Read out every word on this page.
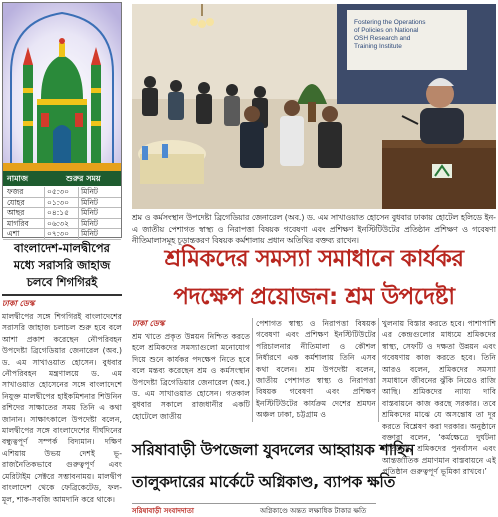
নামাজ	শুরুর সময়
ফজর	০৫:৩০	মিনিট
যোহর	০১:৩০	মিনিট
আছর	০৪:১৫	মিনিট
মাগরিব	০৬:৩২	মিনিট
এশা	০৭:৩০	মিনিট
Fostering the Operations of Policies on National OSH Research and Training Institute
শ্রম ও কর্মসংস্থান উপদেষ্টা ব্রিগেডিয়ার জেনারেল (অব.) ড. এম সাখাওয়াত হোসেন বুধবার ঢাকায় হোটেল হলিডে ইন-এ জাতীয় পেশাগত স্বাস্থ্য ও নিরাপত্তা বিষয়ক গবেষণা এবং প্রশিক্ষণ ইনস্টিটিউটের প্রতিষ্ঠান প্রশিক্ষণ ও গবেষণা নীতিমালাসমূহ চূড়ান্তকরণ বিষয়ক কর্মশালায় প্রধান অতিথির বক্তব্য রাখেন।
শ্রমিকদের সমস্যা সমাধানে কার্যকর
পদক্ষেপ প্রয়োজন: শ্রম উপদেষ্টা
বাংলাদেশ-মালদ্বীপের মধ্যে সরাসরি জাহাজ চলবে শিগগিরই
ঢাকা ডেস্ক
মালদ্বীপের সঙ্গে শিগগিরই বাংলাদেশের সরাসরি জাহাজ চলাচল শুরু হবে বলে আশা প্রকাশ করেছেন নৌপরিবহন উপদেষ্টা ব্রিগেডিয়ার জেনারেল (অব.) ড. এম সাখাওয়াত হোসেন। বুধবার নৌপরিবহন মন্ত্রণালয়ে ড. এম সাখাওয়াত হোসেনের সঙ্গে বাংলাদেশে নিযুক্ত মালদ্বীপের হাইকমিশনার শিউনিন রশিদের সাক্ষাতের সময় তিনি এ কথা জানান। সাক্ষাৎকালে উপদেষ্টা বলেন, মালদ্বীপের সঙ্গে বাংলাদেশের দীর্ঘদিনের বন্ধুত্বপূর্ণ সম্পর্ক বিদ্যমান। দক্ষিণ এশিয়ায় উভয় দেশই ভূ-রাজনৈতিকভাবে গুরুত্বপূর্ণ এবং মেরিটাইম সেক্টরে সম্ভাবনাময়। মালদ্বীপ বাংলাদেশ থেকে ফেব্রিকেটেড, ফল-মূল, শাক-সবজি আমদানি করে থাকে।
ঢাকা ডেস্ক
শ্রম খাতে প্রকৃত উন্নয়ন নিশ্চিত করতে হলে শ্রমিকদের সমস্যাগুলো মনোযোগ দিয়ে শুনে কার্যকর পদক্ষেপ নিতে হবে বলে মন্তব্য করেছেন শ্রম ও কর্মসংস্থান উপদেষ্টা ব্রিগেডিয়ার জেনারেল (অব.) ড. এম সাখাওয়াত হোসেন। গতকাল বুধবার সকালে রাজধানীর একটি হোটেলে জাতীয়
পেশাগত স্বাস্থ্য ও নিরাপত্তা বিষয়ক গবেষণা এবং প্রশিক্ষণ ইনস্টিটিউটের পরিচালনার নীতিমালা ও কৌশল নির্ধারণে এক কর্মশালায় তিনি এসব কথা বলেন। শ্রম উপদেষ্টা বলেন, জাতীয় পেশাগত স্বাস্থ্য ও নিরাপত্তা বিষয়ক গবেষণা এবং প্রশিক্ষণ ইনস্টিটিউটের কার্যক্রম দেশের শ্রমঘন অঞ্চল ঢাকা, চট্টগ্রাম ও
খুলনায় বিস্তার করতে হবে। পাশাপাশি এর কেন্দ্রগুলোর মাধ্যমে শ্রমিকদের স্বাস্থ্য, সেফটি ও দক্ষতা উন্নয়ন এবং গবেষণায় কাজ করতে হবে। তিনি আরও বলেন, শ্রমিকদের সমস্যা সমাধানে জীবনের ঝুঁকি নিয়েও রাজি আছি। শ্রমিকদের ন্যায্য দাবি বাস্তবায়নে কাজ করছে সরকার। তবে শ্রমিকদের মাঝে যে অসন্তোষ তা দূর করতে বিশ্লেষণ করা দরকার। অনুষ্ঠানে বক্তারা বলেন, ‘কর্মক্ষেত্রে দুর্ঘটনা প্রতিরোধ, শ্রমিকদের পুনর্বাসন এবং আন্তর্জাতিক প্রমাণমান বাস্তবায়নে এই প্রতিষ্ঠান গুরুত্বপূর্ণ ভূমিকা রাখবে।’
সরিষাবাড়ী উপজেলা যুবদলের আহ্বায়ক শাহিন
তালুকদারের মার্কেটে অগ্নিকাণ্ড, ব্যাপক ক্ষতি
সরিষাবাড়ী সংবাদদাতা	অগ্নিকাণ্ডে অন্তত লক্ষাধিক টাকার ক্ষতি
